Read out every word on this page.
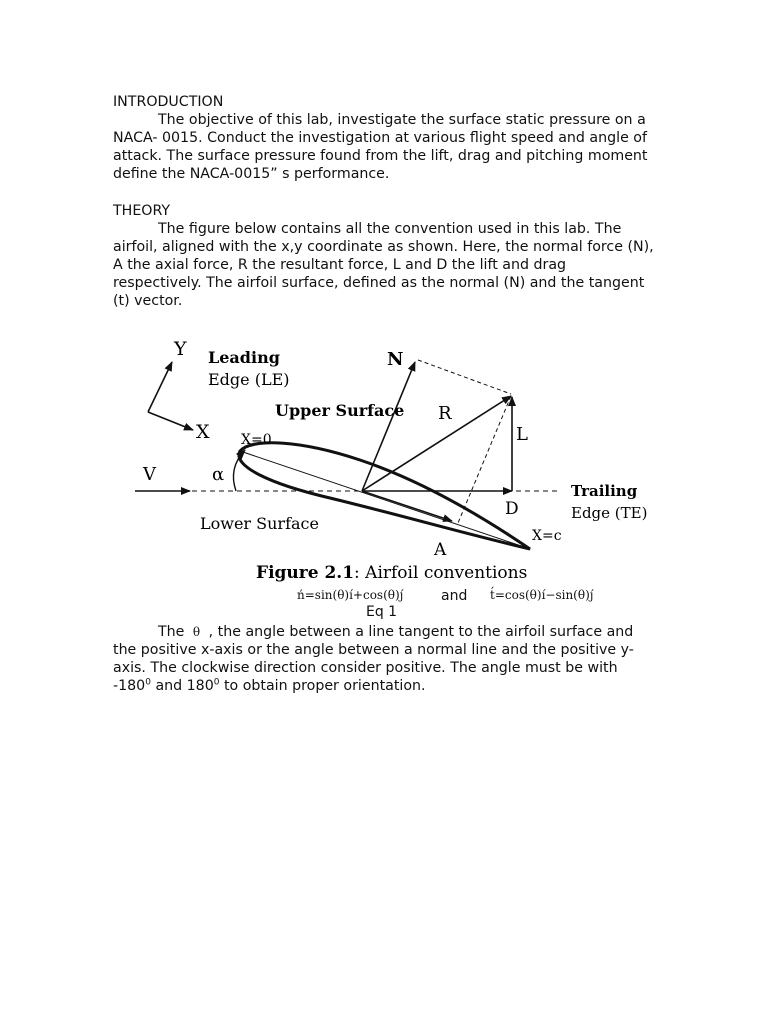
INTRODUCTION

The objective of this lab, investigate the surface static pressure on a NACA- 0015. Conduct the investigation at various flight speed and angle of attack. The surface pressure found from the lift, drag and pitching moment define the NACA-0015” s performance.

THEORY

The figure below contains all the convention used in this lab. The airfoil, aligned with the x,y coordinate as shown. Here, the normal force (N), A the axial force, R the resultant force, L and D the lift and drag respectively. The airfoil surface, defined as the normal (N) and the tangent (t) vector.

Y
X
Leading
Edge (LE)
N
R
L
Upper Surface
X=0
V	α
Lower Surface
D
Trailing
Edge (TE)
X=c
A
Figure 2.1: Airfoil conventions
ń=sin(θ)í+cos(θ)j́	and t́=cos(θ)í−sin(θ)j́
Eq 1

The θ , the angle between a line tangent to the airfoil surface and the positive x-axis or the angle between a normal line and the positive y-axis. The clockwise direction consider positive. The angle must be with $-180^0$ and $180^0$ to obtain proper orientation.
